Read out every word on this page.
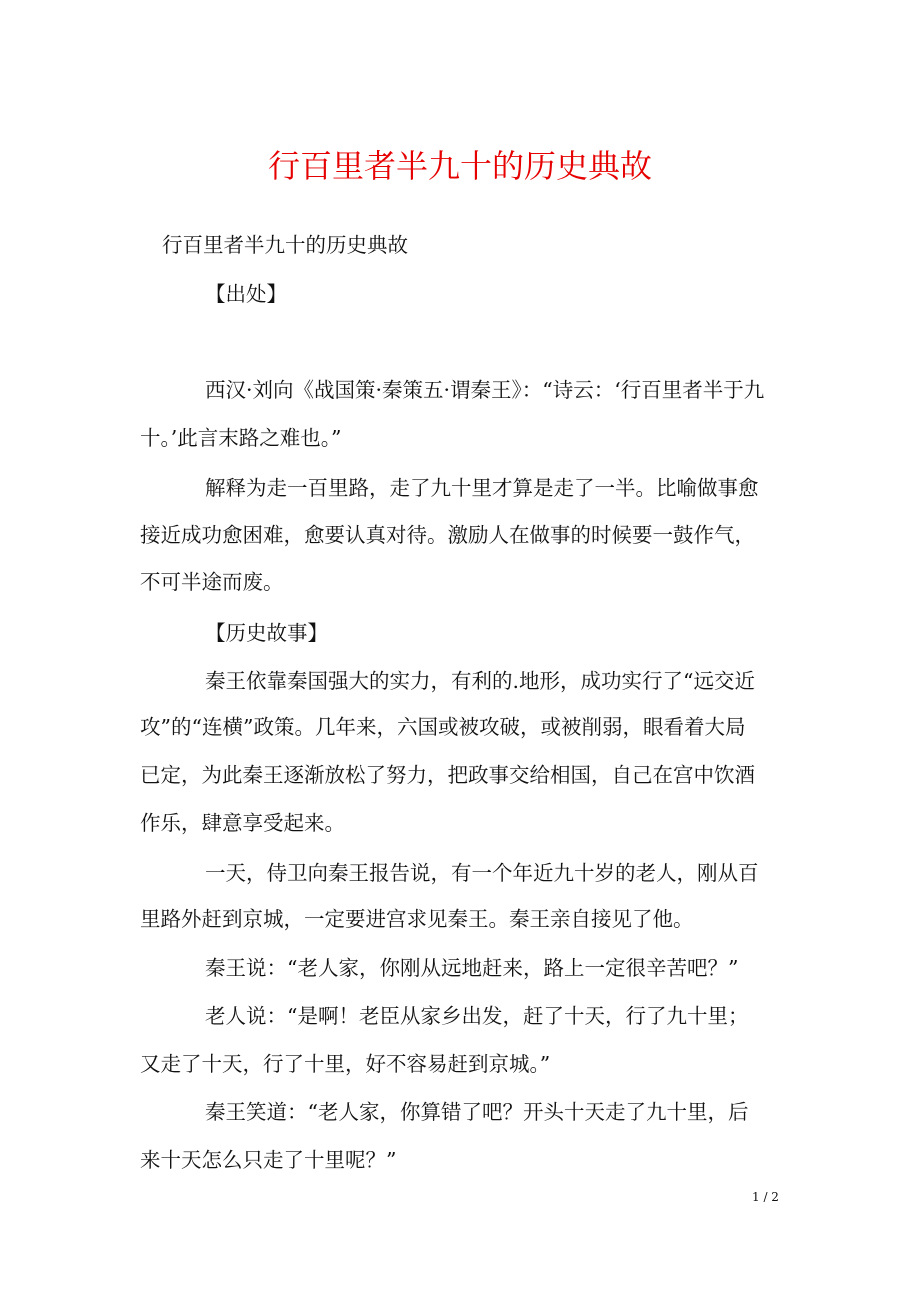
行百里者半九十的历史典故
行百里者半九十的历史典故
【出处】
西汉·刘向《战国策·秦策五·谓秦王》：“诗云：‘行百里者半于九
十。’此言末路之难也。”
解释为走一百里路，走了九十里才算是走了一半。比喻做事愈
接近成功愈困难，愈要认真对待。激励人在做事的时候要一鼓作气，
不可半途而废。
【历史故事】
秦王依靠秦国强大的实力，有利的.地形，成功实行了“远交近
攻”的“连横”政策。几年来，六国或被攻破，或被削弱，眼看着大局
已定，为此秦王逐渐放松了努力，把政事交给相国，自己在宫中饮酒
作乐，肆意享受起来。
一天，侍卫向秦王报告说，有一个年近九十岁的老人，刚从百
里路外赶到京城，一定要进宫求见秦王。秦王亲自接见了他。
秦王说：“老人家，你刚从远地赶来，路上一定很辛苦吧？”
老人说：“是啊！老臣从家乡出发，赶了十天，行了九十里；
又走了十天，行了十里，好不容易赶到京城。”
秦王笑道：“老人家，你算错了吧？开头十天走了九十里，后
来十天怎么只走了十里呢？”
1 / 2
